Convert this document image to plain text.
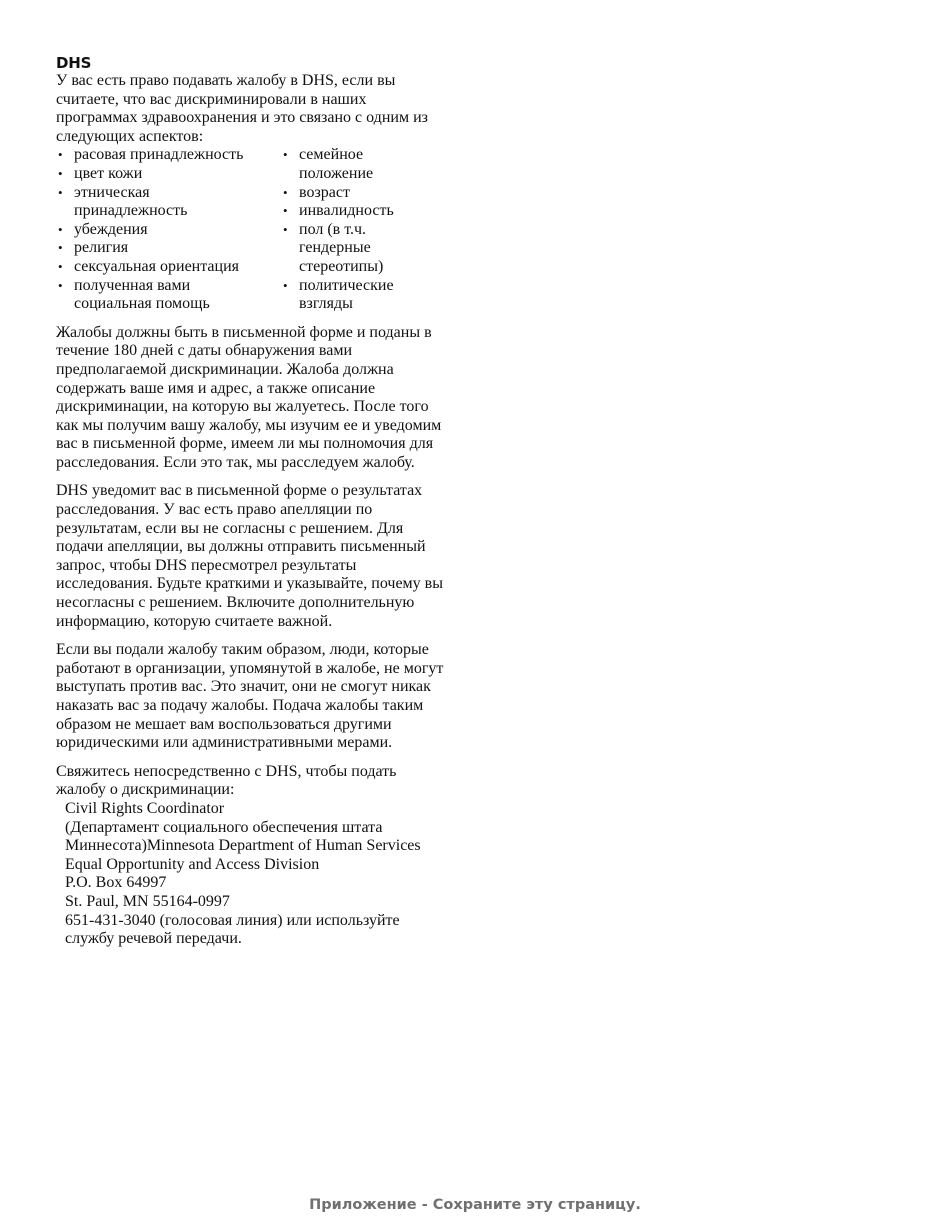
DHS

У вас есть право подавать жалобу в DHS, если вы считаете, что вас дискриминировали в наших программах здравоохранения и это связано с одним из следующих аспектов:

• расовая принадлежность
• цвет кожи
• этническая принадлежность
• убеждения
• религия
• сексуальная ориентация
• полученная вами социальная помощь
• семейное положение
• возраст
• инвалидность
• пол (в т.ч. гендерные стереотипы)
• политические взгляды

Жалобы должны быть в письменной форме и поданы в течение 180 дней с даты обнаружения вами предполагаемой дискриминации. Жалоба должна содержать ваше имя и адрес, а также описание дискриминации, на которую вы жалуетесь. После того как мы получим вашу жалобу, мы изучим ее и уведомим вас в письменной форме, имеем ли мы полномочия для расследования. Если это так, мы расследуем жалобу.

DHS уведомит вас в письменной форме о результатах расследования. У вас есть право апелляции по результатам, если вы не согласны с решением. Для подачи апелляции, вы должны отправить письменный запрос, чтобы DHS пересмотрел результаты исследования. Будьте краткими и указывайте, почему вы несогласны с решением. Включите дополнительную информацию, которую считаете важной.

Если вы подали жалобу таким образом, люди, которые работают в организации, упомянутой в жалобе, не могут выступать против вас. Это значит, они не смогут никак наказать вас за подачу жалобы. Подача жалобы таким образом не мешает вам воспользоваться другими юридическими или административными мерами.

Свяжитесь непосредственно с DHS, чтобы подать жалобу о дискриминации:

Civil Rights Coordinator
(Департамент социального обеспечения штата
Миннесота)Minnesota Department of Human Services
Equal Opportunity and Access Division
P.O. Box 64997
St. Paul, MN 55164-0997
651-431-3040 (голосовая линия) или используйте службу речевой передачи.
Приложение - Сохраните эту страницу.
